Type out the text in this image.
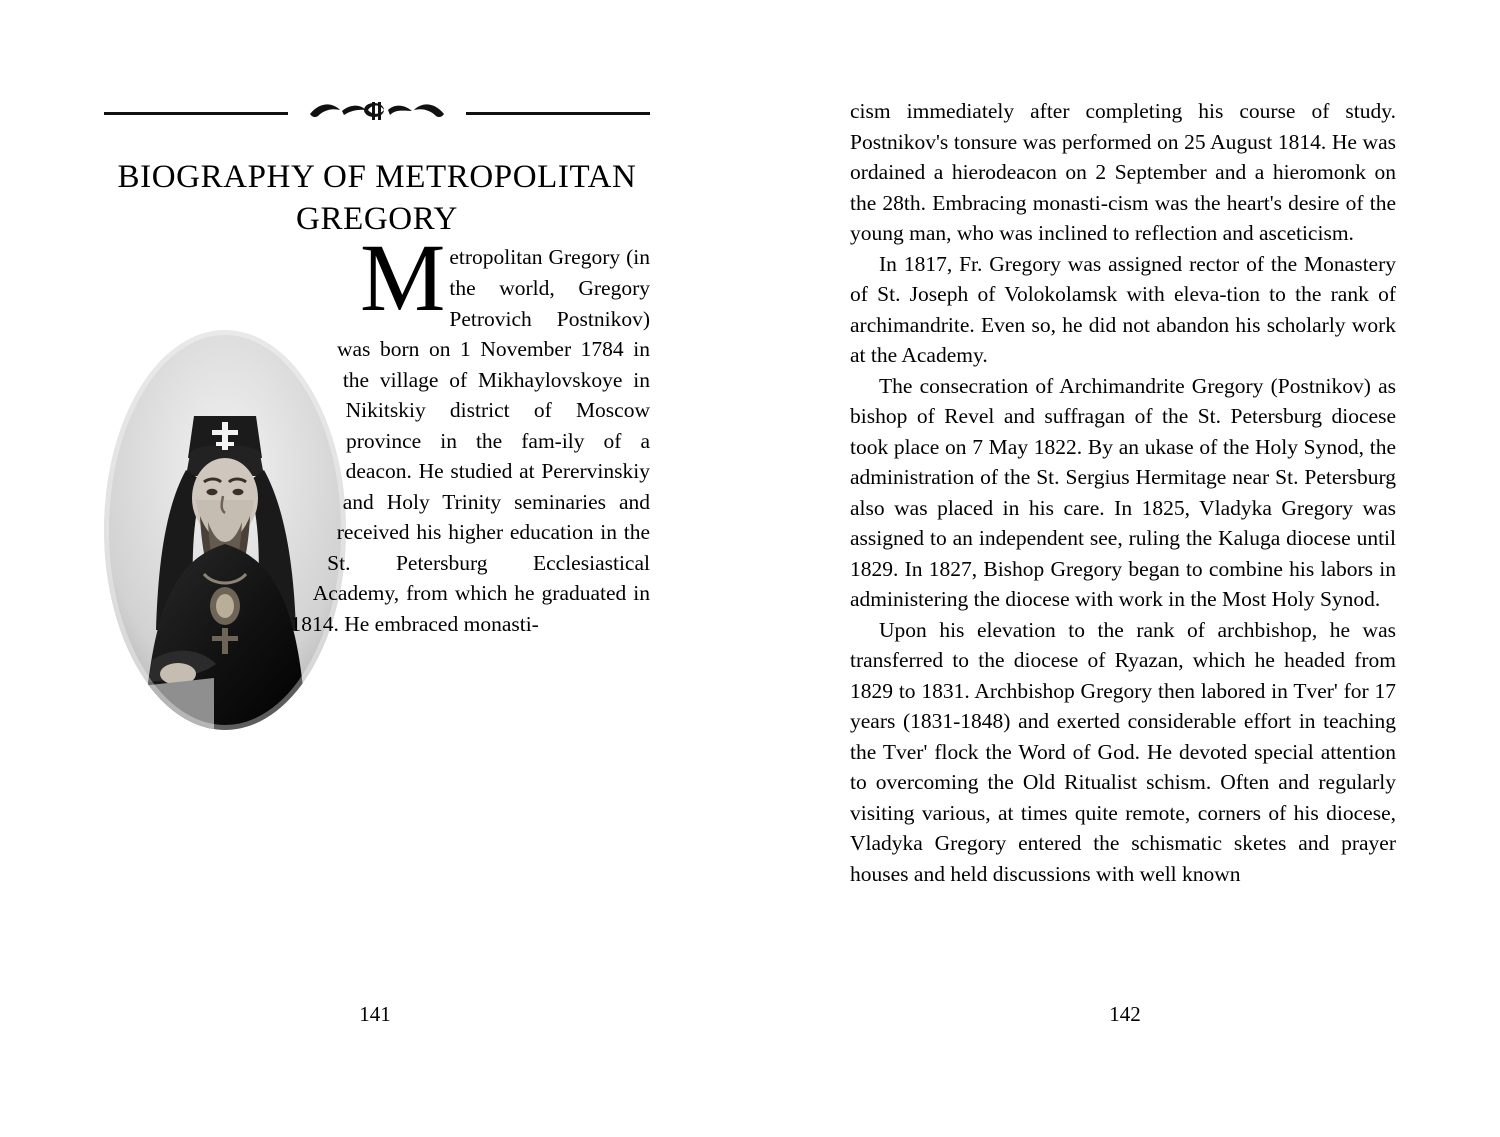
BIOGRAPHY OF METROPOLITAN GREGORY

Metropolitan Gregory (in the world, Gregory Petrovich Postnikov) was born on 1 November 1784 in the village of Mikhaylovskoye in Nikitskiy district of Moscow province in the fam-ily of a deacon. He studied at Perervinskiy and Holy Trinity seminaries and received his higher education in the St. Petersburg Ecclesiastical Academy, from which he graduated in 1814. He embraced monasti-

141

cism immediately after completing his course of study. Postnikov's tonsure was performed on 25 August 1814. He was ordained a hierodeacon on 2 September and a hieromonk on the 28th. Embracing monasti-cism was the heart's desire of the young man, who was inclined to reflection and asceticism.

In 1817, Fr. Gregory was assigned rector of the Monastery of St. Joseph of Volokolamsk with eleva-tion to the rank of archimandrite. Even so, he did not abandon his scholarly work at the Academy.

The consecration of Archimandrite Gregory (Postnikov) as bishop of Revel and suffragan of the St. Petersburg diocese took place on 7 May 1822. By an ukase of the Holy Synod, the administration of the St. Sergius Hermitage near St. Petersburg also was placed in his care. In 1825, Vladyka Gregory was assigned to an independent see, ruling the Kaluga diocese until 1829. In 1827, Bishop Gregory began to combine his labors in administering the diocese with work in the Most Holy Synod.

Upon his elevation to the rank of archbishop, he was transferred to the diocese of Ryazan, which he headed from 1829 to 1831. Archbishop Gregory then labored in Tver' for 17 years (1831-1848) and exerted considerable effort in teaching the Tver' flock the Word of God. He devoted special attention to overcoming the Old Ritualist schism. Often and regularly visiting various, at times quite remote, corners of his diocese, Vladyka Gregory entered the schismatic sketes and prayer houses and held discussions with well known

142
